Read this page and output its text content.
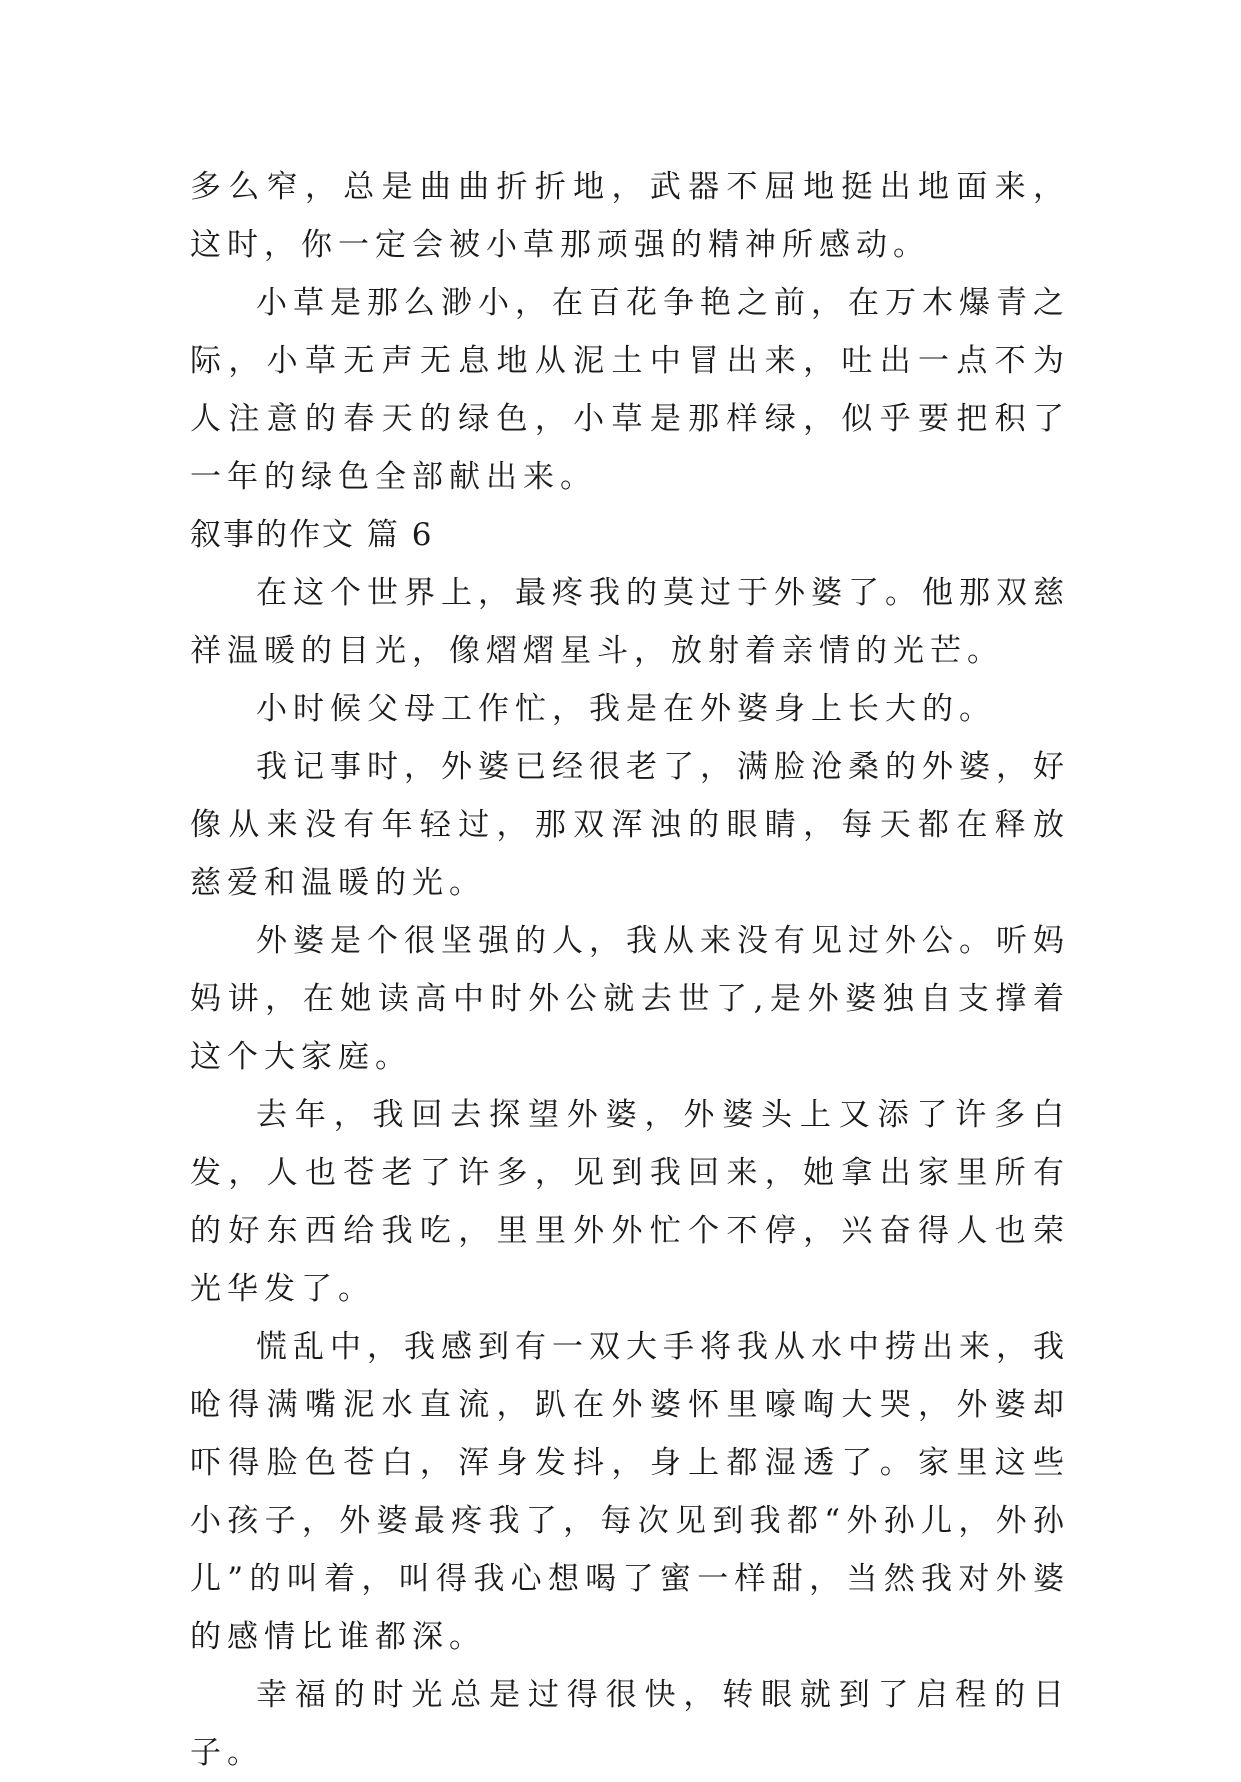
多么窄，总是曲曲折折地，武器不屈地挺出地面来，这时，你一定会被小草那顽强的精神所感动。

小草是那么渺小，在百花争艳之前，在万木爆青之际，小草无声无息地从泥土中冒出来，吐出一点不为人注意的春天的绿色，小草是那样绿，似乎要把积了一年的绿色全部献出来。

叙事的作文 篇 6

在这个世界上，最疼我的莫过于外婆了。他那双慈祥温暖的目光，像熠熠星斗，放射着亲情的光芒。

小时候父母工作忙，我是在外婆身上长大的。

我记事时，外婆已经很老了，满脸沧桑的外婆，好像从来没有年轻过，那双浑浊的眼睛，每天都在释放慈爱和温暖的光。

外婆是个很坚强的人，我从来没有见过外公。听妈妈讲，在她读高中时外公就去世了,是外婆独自支撑着这个大家庭。

去年，我回去探望外婆，外婆头上又添了许多白发，人也苍老了许多，见到我回来，她拿出家里所有的好东西给我吃，里里外外忙个不停，兴奋得人也荣光华发了。

慌乱中，我感到有一双大手将我从水中捞出来，我呛得满嘴泥水直流，趴在外婆怀里嚎啕大哭，外婆却吓得脸色苍白，浑身发抖，身上都湿透了。家里这些小孩子，外婆最疼我了，每次见到我都“外孙儿，外孙儿”的叫着，叫得我心想喝了蜜一样甜，当然我对外婆的感情比谁都深。

幸福的时光总是过得很快，转眼就到了启程的日子。
